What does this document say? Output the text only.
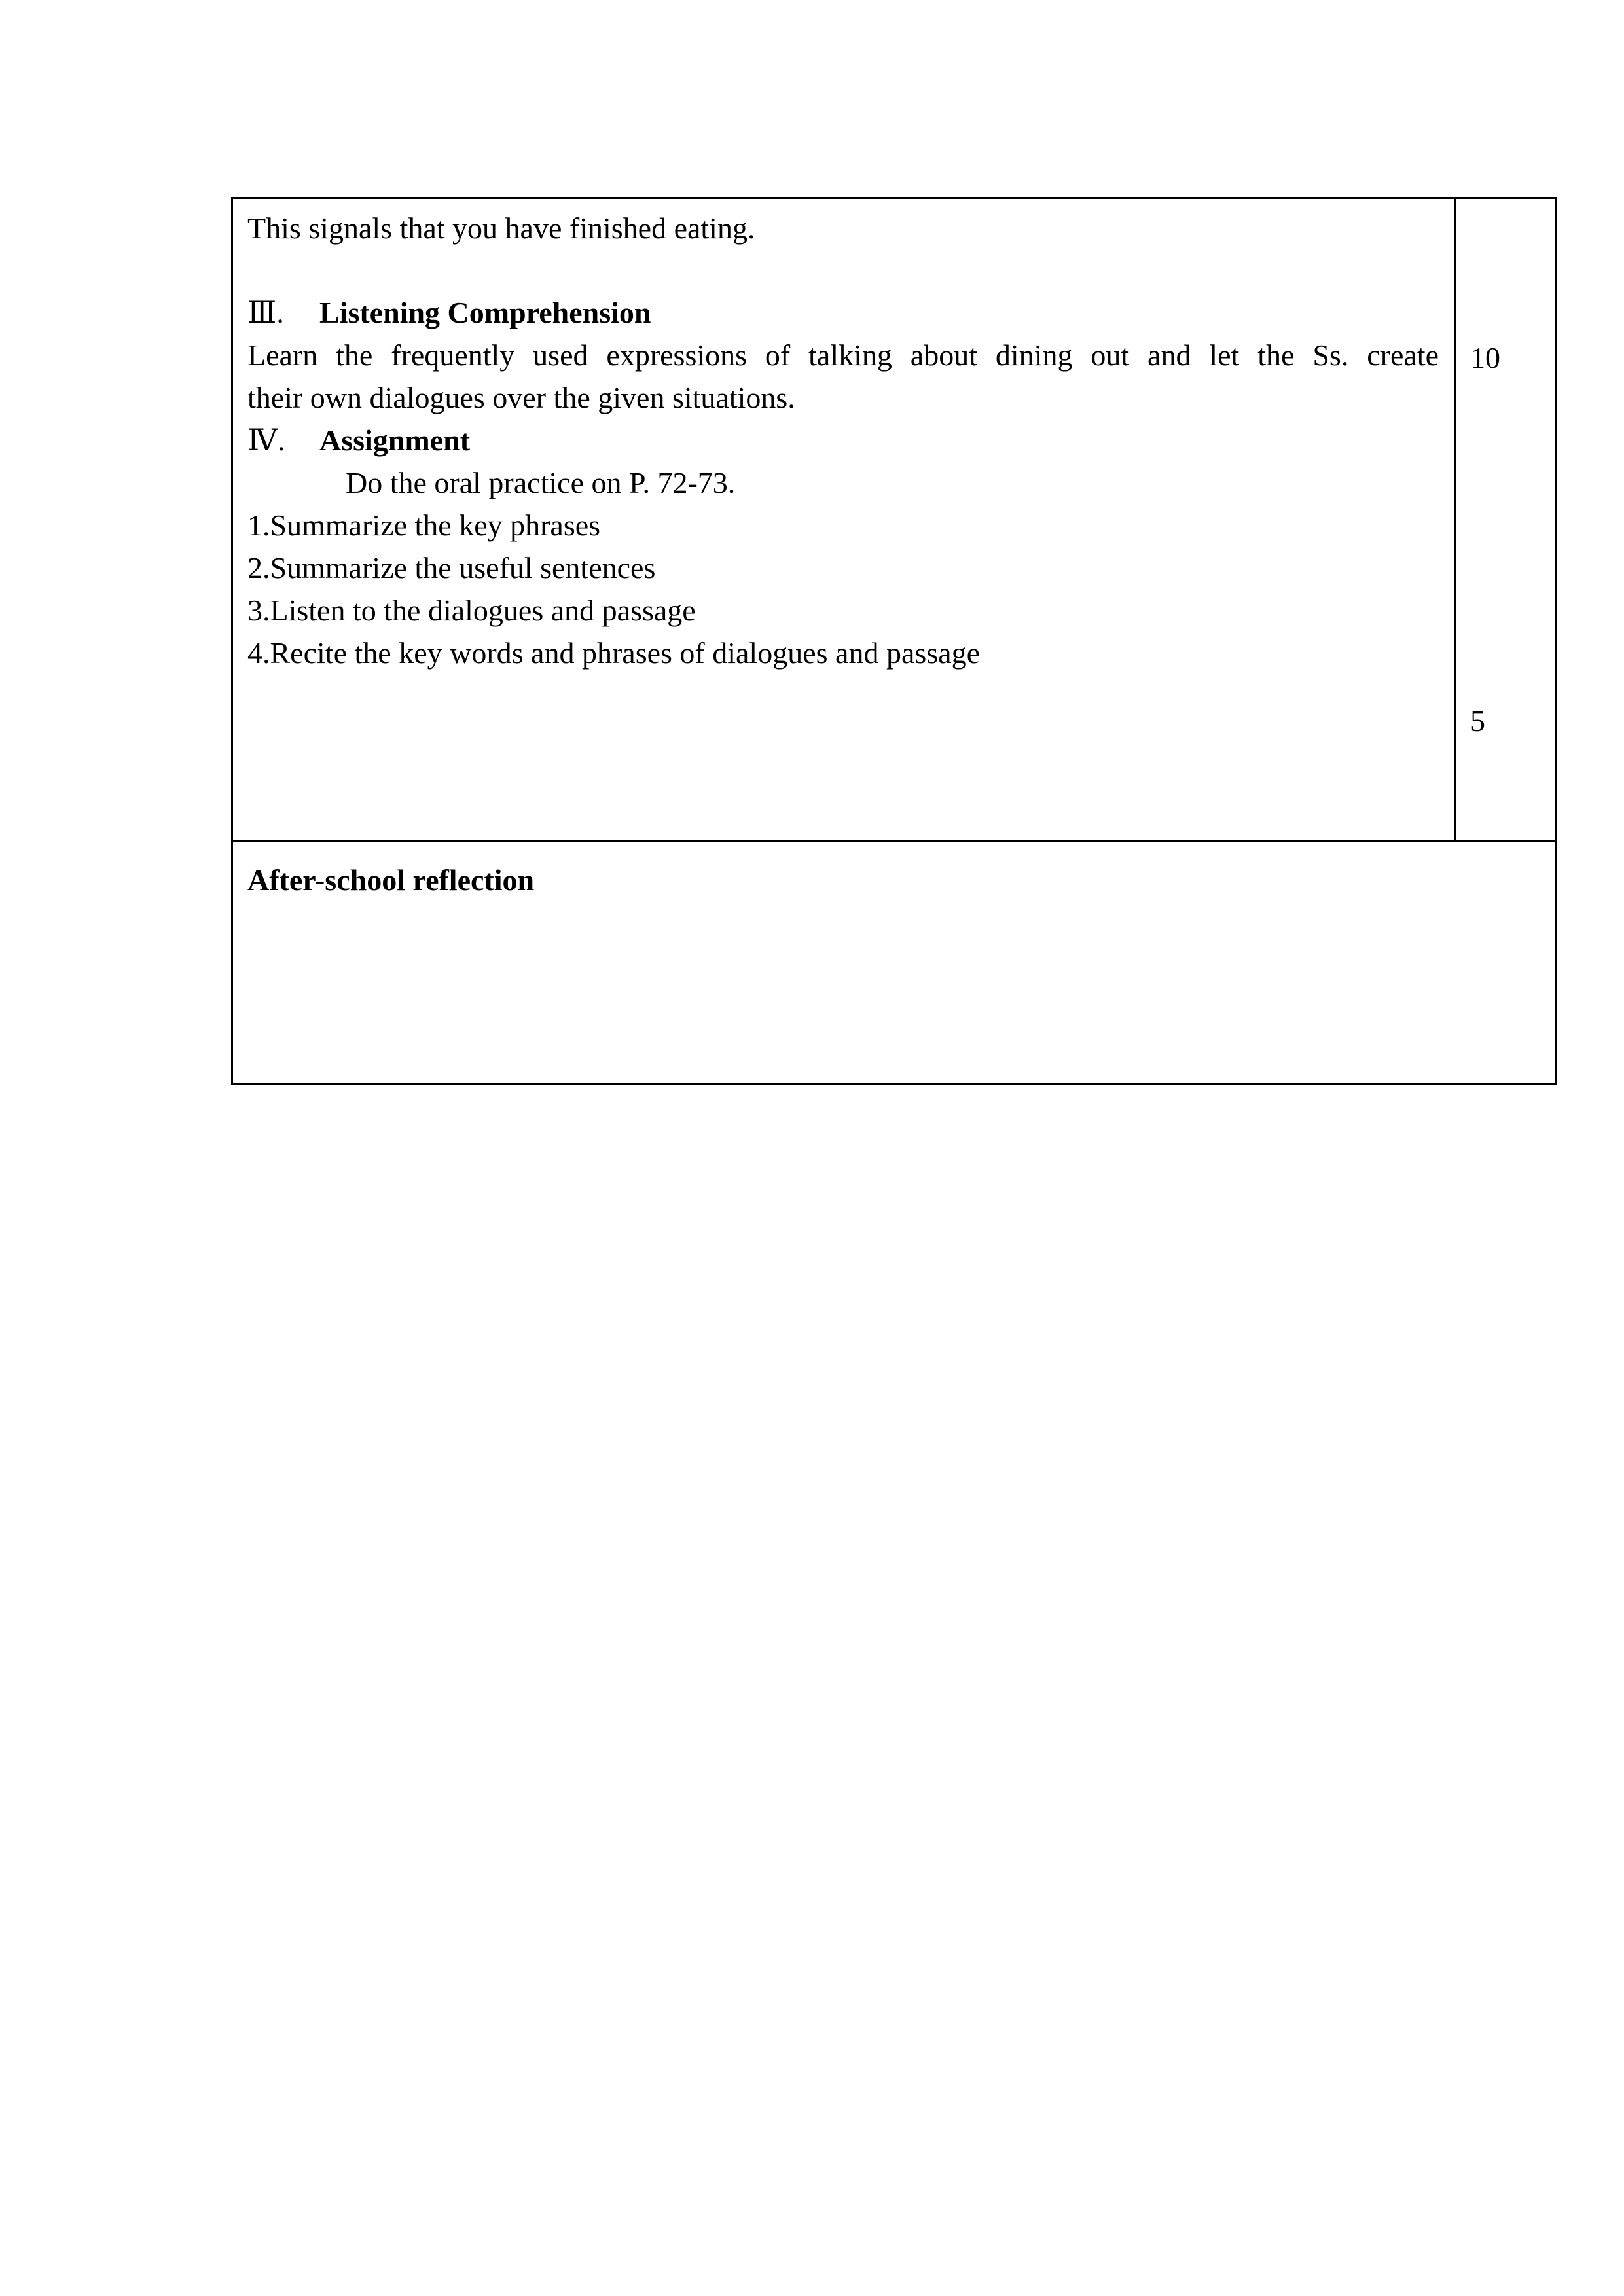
This signals that you have finished eating.
Ⅲ. Listening Comprehension
Learn the frequently used expressions of talking about dining out and let the Ss. create
their own dialogues over the given situations.
Ⅳ. Assignment
Do the oral practice on P. 72-73.
1.Summarize the key phrases
2.Summarize the useful sentences
3.Listen to the dialogues and passage
4.Recite the key words and phrases of dialogues and passage
10
5
After-school reflection
